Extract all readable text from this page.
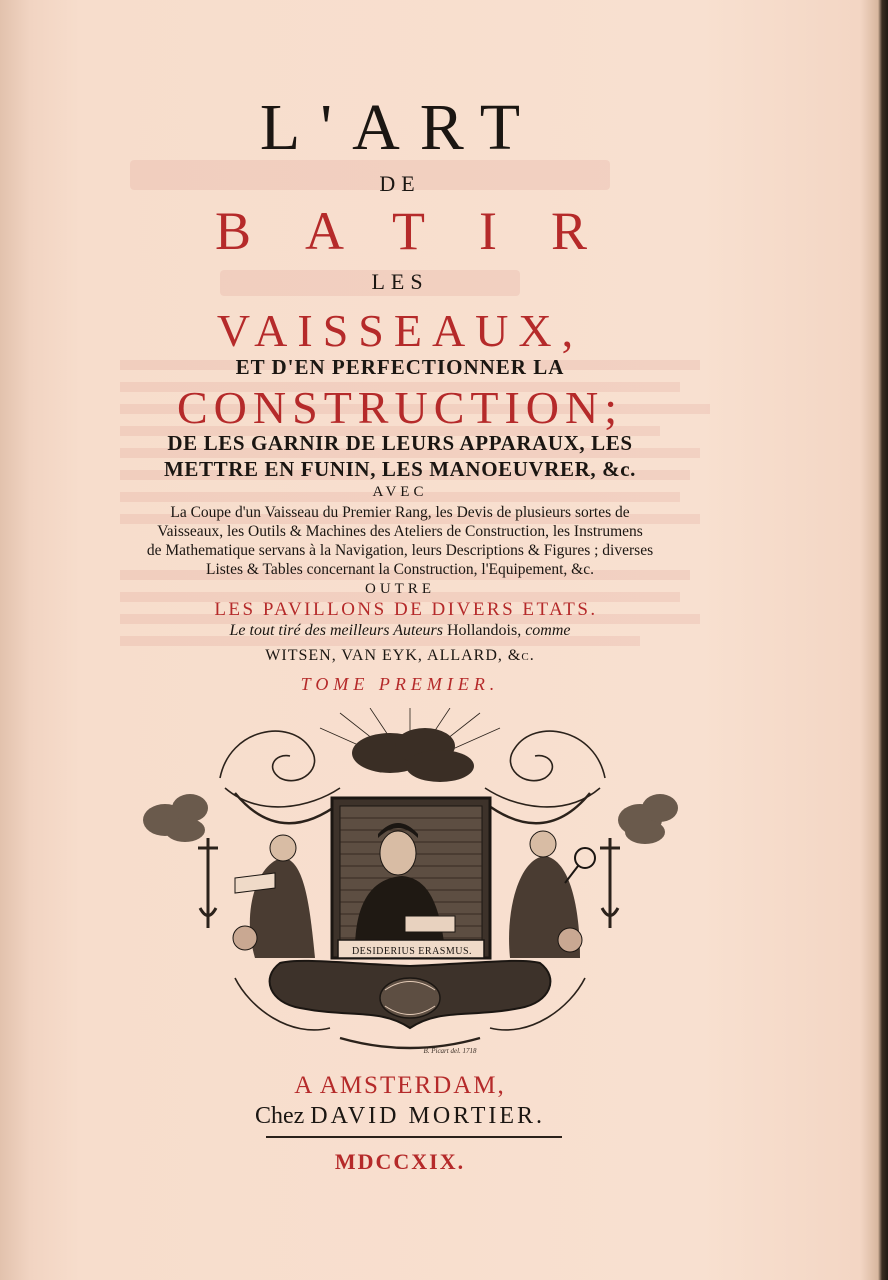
L'ART
DE
BATIR
LES
VAISSEAUX,
ET D'EN PERFECTIONNER LA
CONSTRUCTION;
DE LES GARNIR DE LEURS APPARAUX, LES
METTRE EN FUNIN, LES MANOEUVRER, &c.
AVEC
La Coupe d'un Vaisseau du Premier Rang, les Devis de plusieurs sortes de
Vaisseaux, les Outils & Machines des Ateliers de Construction, les Instrumens
de Mathematique servans à la Navigation, leurs Descriptions & Figures ; diverses
Listes & Tables concernant la Construction, l'Equipement, &c.
OUTRE
LES PAVILLONS DE DIVERS ETATS.
Le tout tiré des meilleurs Auteurs Hollandois, comme
WITSEN, VAN EYK, ALLARD, &c.
TOME PREMIER.
DESIDERIUS ERASMUS.
B. Picart del. 1718
A AMSTERDAM,
Chez DAVID MORTIER.
MDCCXIX.
